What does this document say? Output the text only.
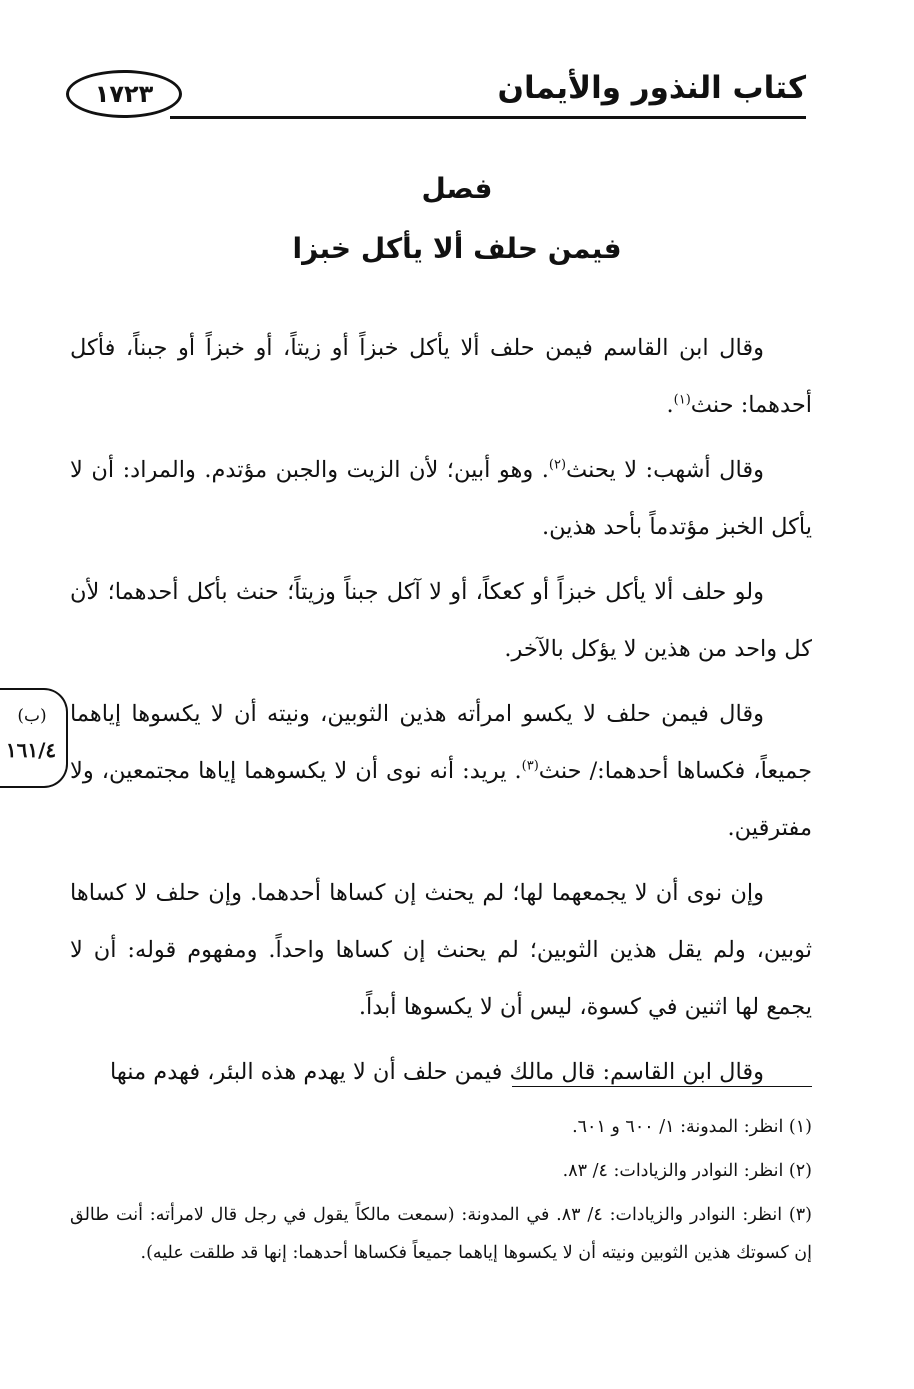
كتاب النذور والأيمان
١٧٢٣
فصل
فيمن حلف ألا يأكل خبزا

وقال ابن القاسم فيمن حلف ألا يأكل خبزاً أو زيتاً، أو خبزاً أو جبناً، فأكل أحدهما: حنث$^{(١)}$.

وقال أشهب: لا يحنث$^{(٢)}$. وهو أبين؛ لأن الزيت والجبن مؤتدم. والمراد: أن لا يأكل الخبز مؤتدماً بأحد هذين.

ولو حلف ألا يأكل خبزاً أو كعكاً، أو لا آكل جبناً وزيتاً؛ حنث بأكل أحدهما؛ لأن كل واحد من هذين لا يؤكل بالآخر.

وقال فيمن حلف لا يكسو امرأته هذين الثوبين، ونيته أن لا يكسوها إياهما جميعاً، فكساها أحدهما:/ حنث$^{(٣)}$. يريد: أنه نوى أن لا يكسوهما إياها مجتمعين، ولا مفترقين.

وإن نوى أن لا يجمعهما لها؛ لم يحنث إن كساها أحدهما. وإن حلف لا كساها ثوبين، ولم يقل هذين الثوبين؛ لم يحنث إن كساها واحداً. ومفهوم قوله: أن لا يجمع لها اثنين في كسوة، ليس أن لا يكسوها أبداً.

وقال ابن القاسم: قال مالك فيمن حلف أن لا يهدم هذه البئر، فهدم منها

(ب)
١٦١/٤

(١) انظر: المدونة: ١/ ٦٠٠ و ٦٠١.

(٢) انظر: النوادر والزيادات: ٤/ ٨٣.

(٣) انظر: النوادر والزيادات: ٤/ ٨٣. في المدونة: (سمعت مالكاً يقول في رجل قال لامرأته: أنت طالق إن كسوتك هذين الثوبين ونيته أن لا يكسوها إياهما جميعاً فكساها أحدهما: إنها قد طلقت عليه).
